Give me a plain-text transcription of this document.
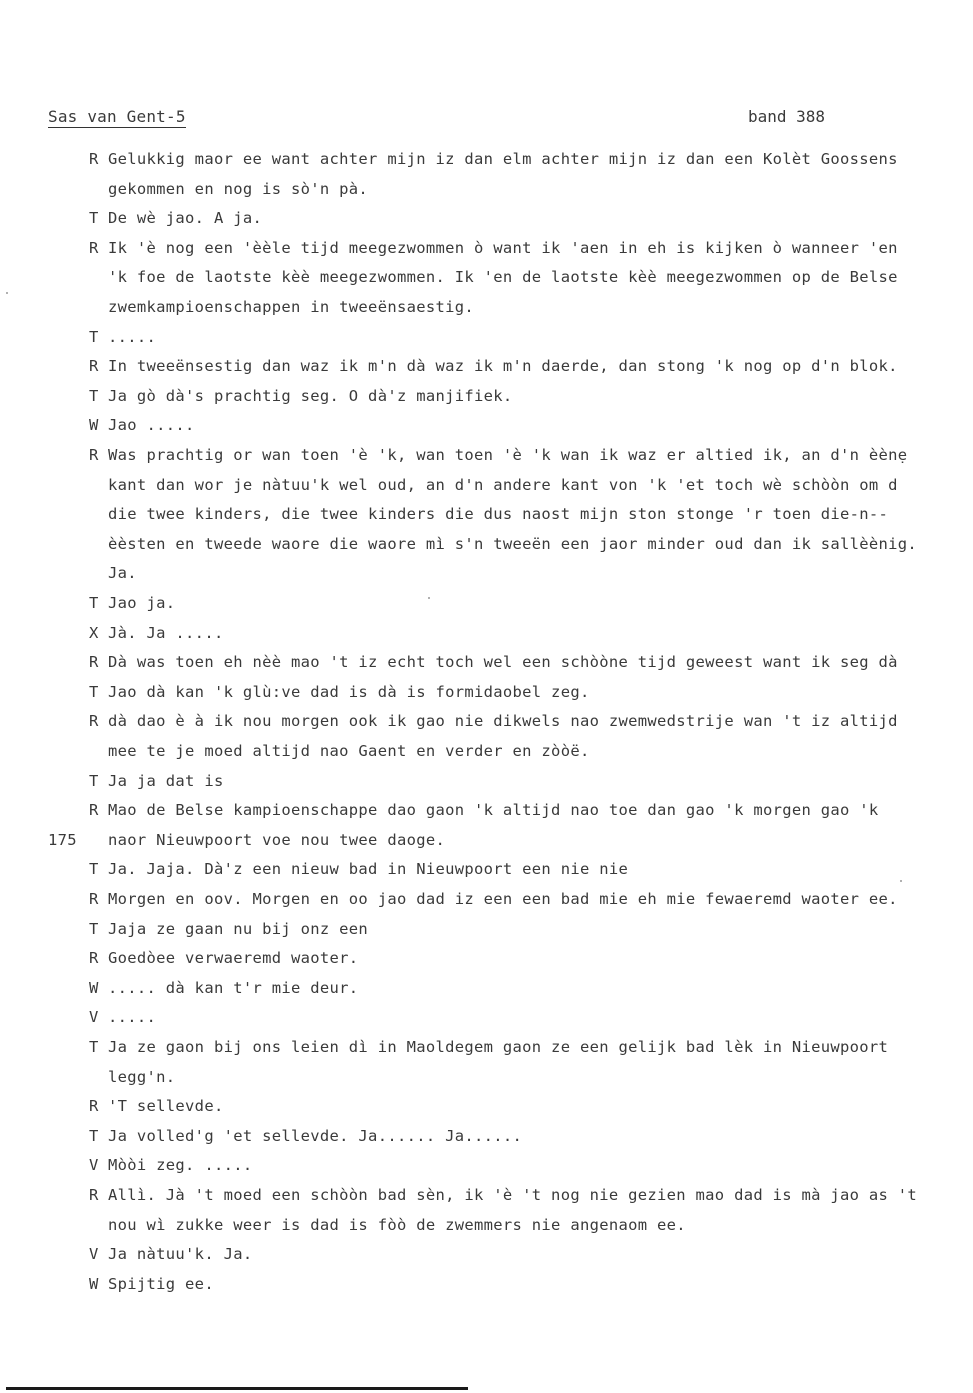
Sas van Gent-5	band 388
R Gelukkig maor ee want achter mijn iz dan elm achter mijn iz dan een Kolèt Goossens
gekommen en nog is sò'n pà.
T De wè jao. A ja.
R Ik 'è nog een 'èèle tijd meegezwommen ò want ik 'aen in eh is kijken ò wanneer 'en
'k foe de laotste kèè meegezwommen. Ik 'en de laotste kèè meegezwommen op de Belse
zwemkampioenschappen in tweeënsaestig.
T .....
R In tweeënsestig dan waz ik m'n dà waz ik m'n daerde, dan stong 'k nog op d'n blok.
T Ja gò dà's prachtig seg. O dà'z manjifiek.
W Jao .....
R Was prachtig or wan toen 'è 'k, wan toen 'è 'k wan ik waz er altied ik, an d'n èènẹ
kant dan wor je nàtuu'k wel oud, an d'n andere kant von 'k 'et toch wè schòòn om d
die twee kinders, die twee kinders die dus naost mijn ston stonge 'r toen die-n--
èèsten en tweede waore die waore mì s'n tweeën een jaor minder oud dan ik sallèènig.
Ja.
T Jao ja.
X Jà. Ja .....
R Dà was toen eh nèè mao 't iz echt toch wel een schòòne tijd geweest want ik seg dà
T Jao dà kan 'k glù:ve dad is dà is formidaobel zeg.
R dà dao è à ik nou morgen ook ik gao nie dikwels nao zwemwedstrije wan 't iz altijd
mee te je moed altijd nao Gaent en verder en zòòë.
T Ja ja dat is
R Mao de Belse kampioenschappe dao gaon 'k altijd nao toe dan gao 'k morgen gao 'k
175 naor Nieuwpoort voe nou twee daoge.
T Ja. Jaja. Dà'z een nieuw bad in Nieuwpoort een nie nie
R Morgen en oov. Morgen en oo jao dad iz een een bad mie eh mie fewaeremd waoter ee.
T Jaja ze gaan nu bij onz een
R Goedòee verwaeremd waoter.
W ..... dà kan t'r mie deur.
V .....
T Ja ze gaon bij ons leien dì in Maoldegem gaon ze een gelijk bad lèk in Nieuwpoort
legg'n.
R 'T sellevde.
T Ja volled'g 'et sellevde. Ja...... Ja......
V Mòòi zeg. .....
R Allì. Jà 't moed een schòòn bad sèn, ik 'è 't nog nie gezien mao dad is mà jao as 't
nou wì zukke weer is dad is fòò de zwemmers nie angenaom ee.
V Ja nàtuu'k. Ja.
W Spijtig ee.
